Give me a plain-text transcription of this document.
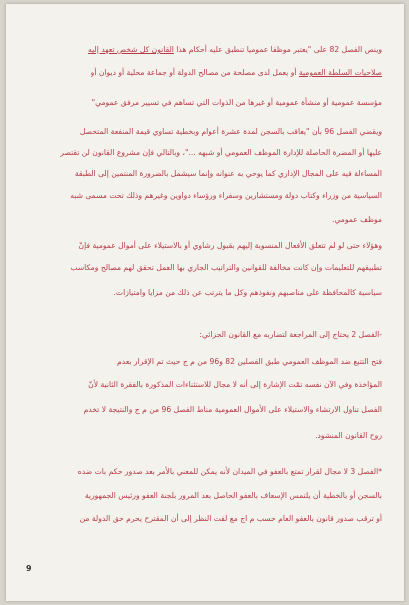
وينص الفصل 82 على "يعتبر موظفا عموميا تنطبق عليه أحكام هذا القانون كل شخص تعهد إليه
صلاحيات السلطة العمومية أو يعمل لدى مصلحة من مصالح الدولة أو جماعة محلية أو ديوان أو
مؤسسة عمومية أو منشأة عمومية أو غيرها من الذوات التي تساهم في تسيير مرفق عمومي"
ويقضي الفصل 96 بأن "يعاقب بالسجن لمدة عشرة أعوام وبخطية تساوي قيمة المنفعة المتحصل
عليها أو المضرة الحاصلة للإدارة الموظف العمومي أو شبهه ..."، وبالتالي فإن مشروع القانون لن تقتصر
المساءلة فيه على المجال الإداري كما يوحي به عنوانه وإنما سيشمل بالضرورة المنتمين إلى الطبقة
السياسية من وزراء وكتاب دولة ومستشارين وسفراء ورؤساء دواوين وغيرهم وذلك تحت مسمى شبه
موظف عمومي.
وهؤلاء حتى لو لم تتعلق الأفعال المنسوبة إليهم بقبول رشاوي أو بالاستيلاء على أموال عمومية فإنّ
تطبيقهم للتعليمات وإن كانت مخالفة للقوانين والتراتيب الجاري بها العمل تحقق لهم مصالح ومكاسب
سياسية كالمحافظة على مناصبهم ونفوذهم وكل ما يترتب عن ذلك من مزايا وامتيازات.
-الفصل 2 يحتاج إلى المراجعة لتضاربه مع القانون الجزائي:
فتح التتبع ضد الموظف العمومي طبق الفصلين 82 و96 من م ج حيث تم الإقرار بعدم
المؤاخذة وفي الآن نفسه تمّت الإشارة إلى أنه لا مجال للاستثناءات المذكورة بالفقرة الثانية لأنّ
الفصل تناول الارتشاء والاستيلاء على الأموال العمومية مناط الفصل 96 من م ج والنتيجة لا تخدم
روح القانون المنشود.
*الفصل 3 لا مجال لقرار تمتع بالعفو في الميدان لأنه يمكن للمعني بالأمر بعد صدور حكم بات ضده
بالسجن أو بالخطية أن يلتمس الإسعاف بالعفو الحاصل بعد المرور بلجنة العفو ورئيس الجمهورية
أو ترقب صدور قانون بالعفو العام حسب م اج مع لفت النظر إلى أن المقترح يحرم حق الدولة من
9
